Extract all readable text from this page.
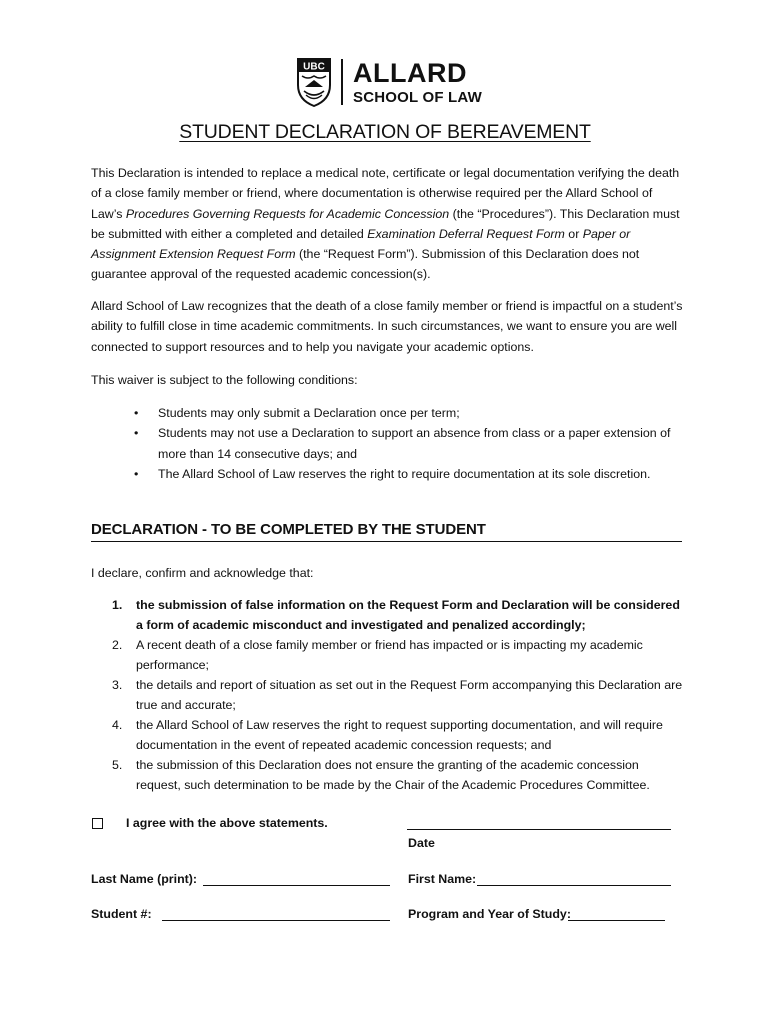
UBC ALLARD
SCHOOL OF LAW
STUDENT DECLARATION OF BEREAVEMENT

This Declaration is intended to replace a medical note, certificate or legal documentation verifying the death of a close family member or friend, where documentation is otherwise required per the Allard School of Law’s Procedures Governing Requests for Academic Concession (the “Procedures”). This Declaration must be submitted with either a completed and detailed Examination Deferral Request Form or Paper or Assignment Extension Request Form (the “Request Form”). Submission of this Declaration does not guarantee approval of the requested academic concession(s).

Allard School of Law recognizes that the death of a close family member or friend is impactful on a student’s ability to fulfill close in time academic commitments. In such circumstances, we want to ensure you are well connected to support resources and to help you navigate your academic options.

This waiver is subject to the following conditions:

• Students may only submit a Declaration once per term;
• Students may not use a Declaration to support an absence from class or a paper extension of more than 14 consecutive days; and
• The Allard School of Law reserves the right to require documentation at its sole discretion.
DECLARATION - TO BE COMPLETED BY THE STUDENT
I declare, confirm and acknowledge that:
1. the submission of false information on the Request Form and Declaration will be considered a form of academic misconduct and investigated and penalized accordingly;
2. A recent death of a close family member or friend has impacted or is impacting my academic performance;
3. the details and report of situation as set out in the Request Form accompanying this Declaration are true and accurate;
4. the Allard School of Law reserves the right to request supporting documentation, and will require documentation in the event of repeated academic concession requests; and
5. the submission of this Declaration does not ensure the granting of the academic concession request, such determination to be made by the Chair of the Academic Procedures Committee.
I agree with the above statements.
Date
Last Name (print):	First Name:
Student #:	Program and Year of Study:
